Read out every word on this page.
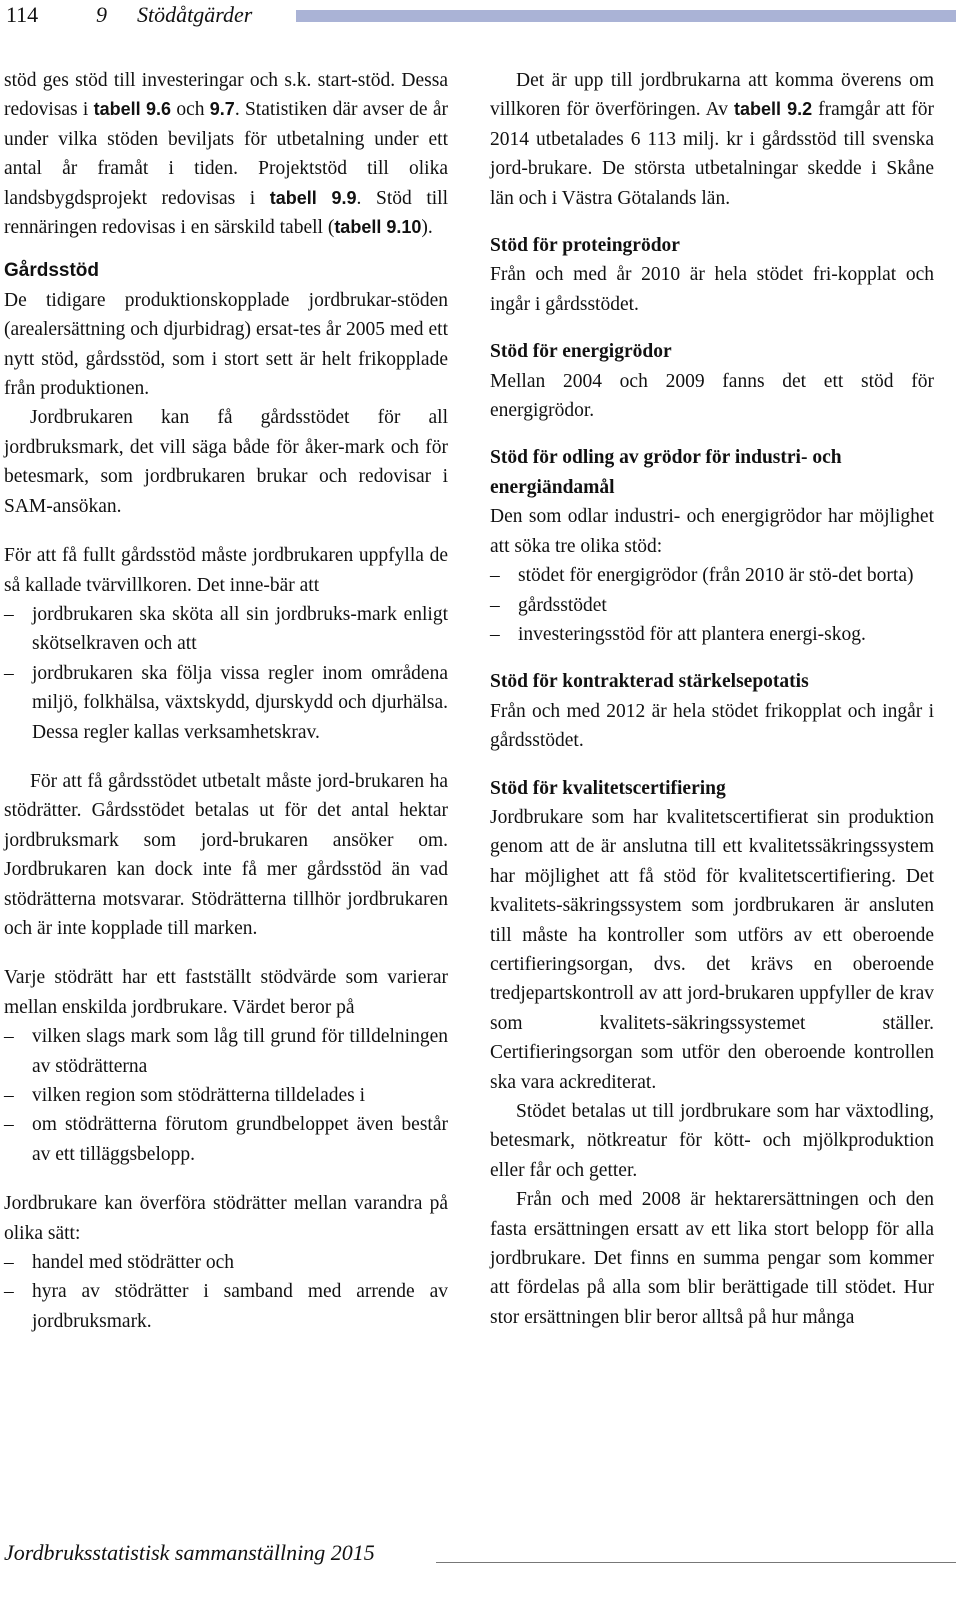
114	9 Stödåtgärder

stöd ges stöd till investeringar och s.k. start-stöd. Dessa redovisas i tabell 9.6 och 9.7. Statistiken där avser de år under vilka stöden beviljats för utbetalning under ett antal år framåt i tiden. Projektstöd till olika landsbygdsprojekt redovisas i tabell 9.9. Stöd till rennäringen redovisas i en särskild tabell (tabell 9.10).

Gårdsstöd

De tidigare produktionskopplade jordbrukar-stöden (arealersättning och djurbidrag) ersat-tes år 2005 med ett nytt stöd, gårdsstöd, som i stort sett är helt frikopplade från produktionen.

Jordbrukaren kan få gårdsstödet för all jordbruksmark, det vill säga både för åker-mark och för betesmark, som jordbrukaren brukar och redovisar i SAM-ansökan.

För att få fullt gårdsstöd måste jordbrukaren uppfylla de så kallade tvärvillkoren. Det inne-bär att

– jordbrukaren ska sköta all sin jordbruks-mark enligt skötselkraven och att
– jordbrukaren ska följa vissa regler inom områdena miljö, folkhälsa, växtskydd, djurskydd och djurhälsa. Dessa regler kallas verksamhetskrav.

För att få gårdsstödet utbetalt måste jord-brukaren ha stödrätter. Gårdsstödet betalas ut för det antal hektar jordbruksmark som jord-brukaren ansöker om. Jordbrukaren kan dock inte få mer gårdsstöd än vad stödrätterna motsvarar. Stödrätterna tillhör jordbrukaren och är inte kopplade till marken.

Varje stödrätt har ett fastställt stödvärde som varierar mellan enskilda jordbrukare. Värdet beror på

– vilken slags mark som låg till grund för tilldelningen av stödrätterna
– vilken region som stödrätterna tilldelades i
– om stödrätterna förutom grundbeloppet även består av ett tilläggsbelopp.

Jordbrukare kan överföra stödrätter mellan varandra på olika sätt:

– handel med stödrätter och
– hyra av stödrätter i samband med arrende av jordbruksmark.

Det är upp till jordbrukarna att komma överens om villkoren för överföringen. Av tabell 9.2 framgår att för 2014 utbetalades 6 113 milj. kr i gårdsstöd till svenska jord-brukare. De största utbetalningar skedde i Skåne län och i Västra Götalands län.

Stöd för proteingrödor

Från och med år 2010 är hela stödet fri-kopplat och ingår i gårdsstödet.

Stöd för energigrödor

Mellan 2004 och 2009 fanns det ett stöd för energigrödor.

Stöd för odling av grödor för industri- och energiändamål

Den som odlar industri- och energigrödor har möjlighet att söka tre olika stöd:

– stödet för energigrödor (från 2010 är stö-det borta)
– gårdsstödet
– investeringsstöd för att plantera energi-skog.
Stöd för kontrakterad stärkelsepotatis

Från och med 2012 är hela stödet frikopplat och ingår i gårdsstödet.

Stöd för kvalitetscertifiering

Jordbrukare som har kvalitetscertifierat sin produktion genom att de är anslutna till ett kvalitetssäkringssystem har möjlighet att få stöd för kvalitetscertifiering. Det kvalitets-säkringssystem som jordbrukaren är ansluten till måste ha kontroller som utförs av ett oberoende certifieringsorgan, dvs. det krävs en oberoende tredjepartskontroll av att jord-brukaren uppfyller de krav som kvalitets-säkringssystemet ställer. Certifieringsorgan som utför den oberoende kontrollen ska vara ackrediterat.

Stödet betalas ut till jordbrukare som har växtodling, betesmark, nötkreatur för kött- och mjölkproduktion eller får och getter.

Från och med 2008 är hektarersättningen och den fasta ersättningen ersatt av ett lika stort belopp för alla jordbrukare. Det finns en summa pengar som kommer att fördelas på alla som blir berättigade till stödet. Hur stor ersättningen blir beror alltså på hur många

Jordbruksstatistisk sammanställning 2015
